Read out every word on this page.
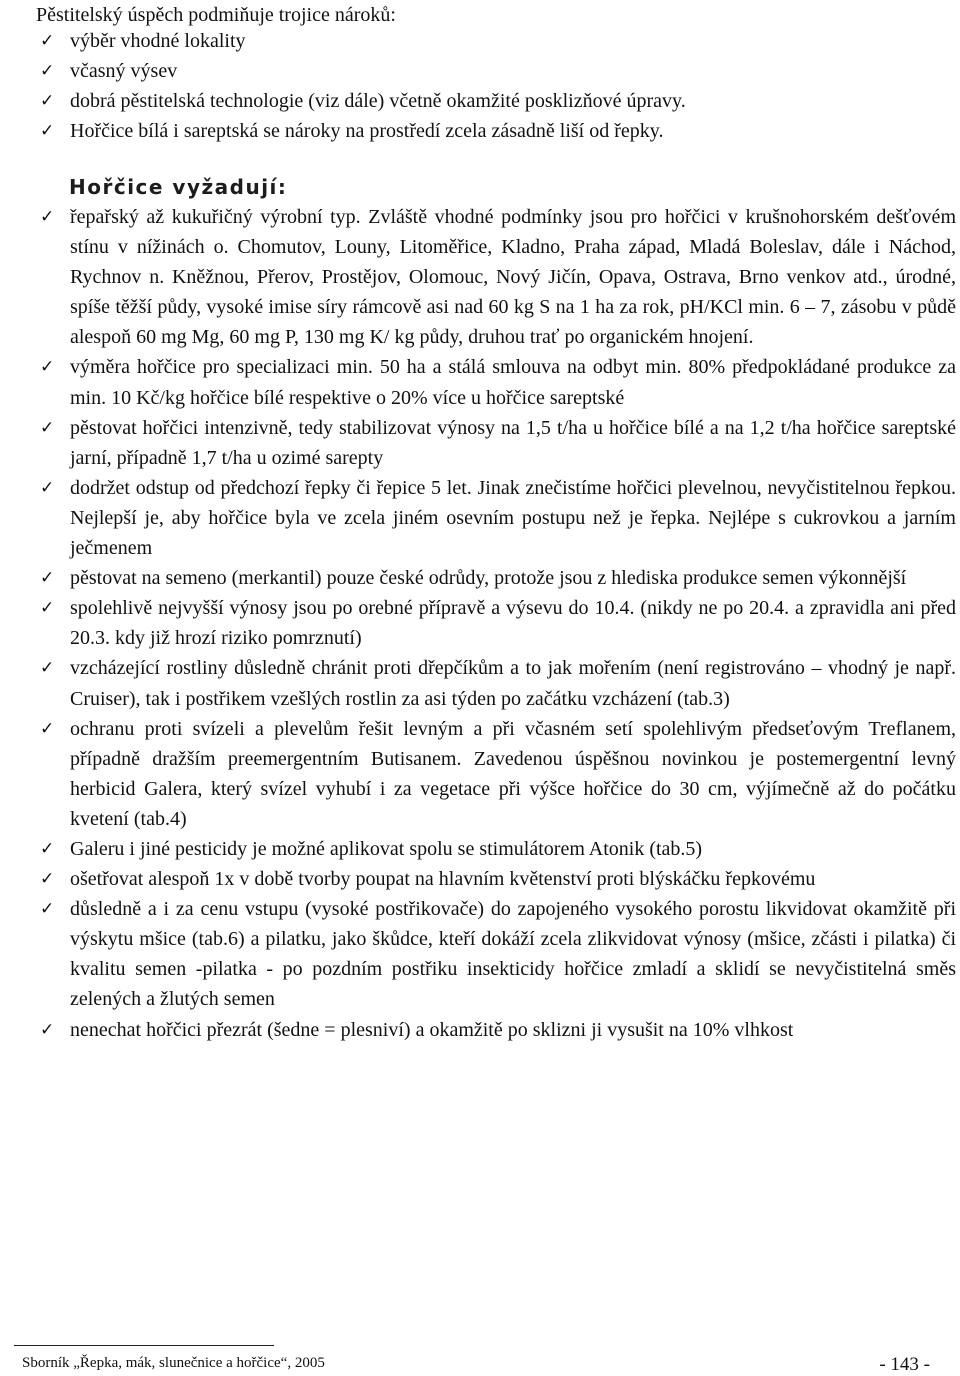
Pěstitelský úspěch podmiňuje trojice nároků:
✓ výběr vhodné lokality
✓ včasný výsev
✓ dobrá pěstitelská technologie (viz dále) včetně okamžité posklizňové úpravy.
✓ Hořčice bílá i sareptská se nároky na prostředí zcela zásadně liší od řepky.
Hořčice vyžadují:
✓ řepařský až kukuřičný výrobní typ. Zvláště vhodné podmínky jsou pro hořčici v krušnohorském dešťovém stínu v nížinách o. Chomutov, Louny, Litoměřice, Kladno, Praha západ, Mladá Boleslav, dále i Náchod, Rychnov n. Kněžnou, Přerov, Prostějov, Olomouc, Nový Jičín, Opava, Ostrava, Brno venkov atd., úrodné, spíše těžší půdy, vysoké imise síry rámcově asi nad 60 kg S na 1 ha za rok, pH/KCl min. 6 – 7, zásobu v půdě alespoň 60 mg Mg, 60 mg P, 130 mg K/ kg půdy, druhou trať po organickém hnojení.
✓ výměra hořčice pro specializaci min. 50 ha a stálá smlouva na odbyt min. 80% předpokládané produkce za min. 10 Kč/kg hořčice bílé respektive o 20% více u hořčice sareptské
✓ pěstovat hořčici intenzivně, tedy stabilizovat výnosy na 1,5 t/ha u hořčice bílé a na 1,2 t/ha hořčice sareptské jarní, případně 1,7 t/ha u ozimé sarepty
✓ dodržet odstup od předchozí řepky či řepice 5 let. Jinak znečistíme hořčici plevelnou, nevyčistitelnou řepkou. Nejlepší je, aby hořčice byla ve zcela jiném osevním postupu než je řepka. Nejlépe s cukrovkou a jarním ječmenem
✓ pěstovat na semeno (merkantil) pouze české odrůdy, protože jsou z hlediska produkce semen výkonnější
✓ spolehlivě nejvyšší výnosy jsou po orebné přípravě a výsevu do 10.4. (nikdy ne po 20.4. a zpravidla ani před 20.3. kdy již hrozí riziko pomrznutí)
✓ vzcházející rostliny důsledně chránit proti dřepčíkům a to jak mořením (není registrováno – vhodný je např. Cruiser), tak i postřikem vzešlých rostlin za asi týden po začátku vzcházení (tab.3)
✓ ochranu proti svízeli a plevelům řešit levným a při včasném setí spolehlivým předseťovým Treflanem, případně dražším preemergentním Butisanem. Zavedenou úspěšnou novinkou je postemergentní levný herbicid Galera, který svízel vyhubí i za vegetace při výšce hořčice do 30 cm, výjímečně až do počátku kvetení (tab.4)
✓ Galeru i jiné pesticidy je možné aplikovat spolu se stimulátorem Atonik (tab.5)
✓ ošetřovat alespoň 1x v době tvorby poupat na hlavním květenství proti blýskáčku řepkovému
✓ důsledně a i za cenu vstupu (vysoké postřikovače) do zapojeného vysokého porostu likvidovat okamžitě při výskytu mšice (tab.6) a pilatku, jako škůdce, kteří dokáží zcela zlikvidovat výnosy (mšice, zčásti i pilatka) či kvalitu semen -pilatka - po pozdním postřiku insekticidy hořčice zmladí a sklidí se nevyčistitelná směs zelených a žlutých semen
✓ nenechat hořčici přezrát (šedne = plesniví) a okamžitě po sklizni ji vysušit na 10% vlhkost
Sborník „Řepka, mák, slunečnice a hořčice“, 2005	- 143 -
